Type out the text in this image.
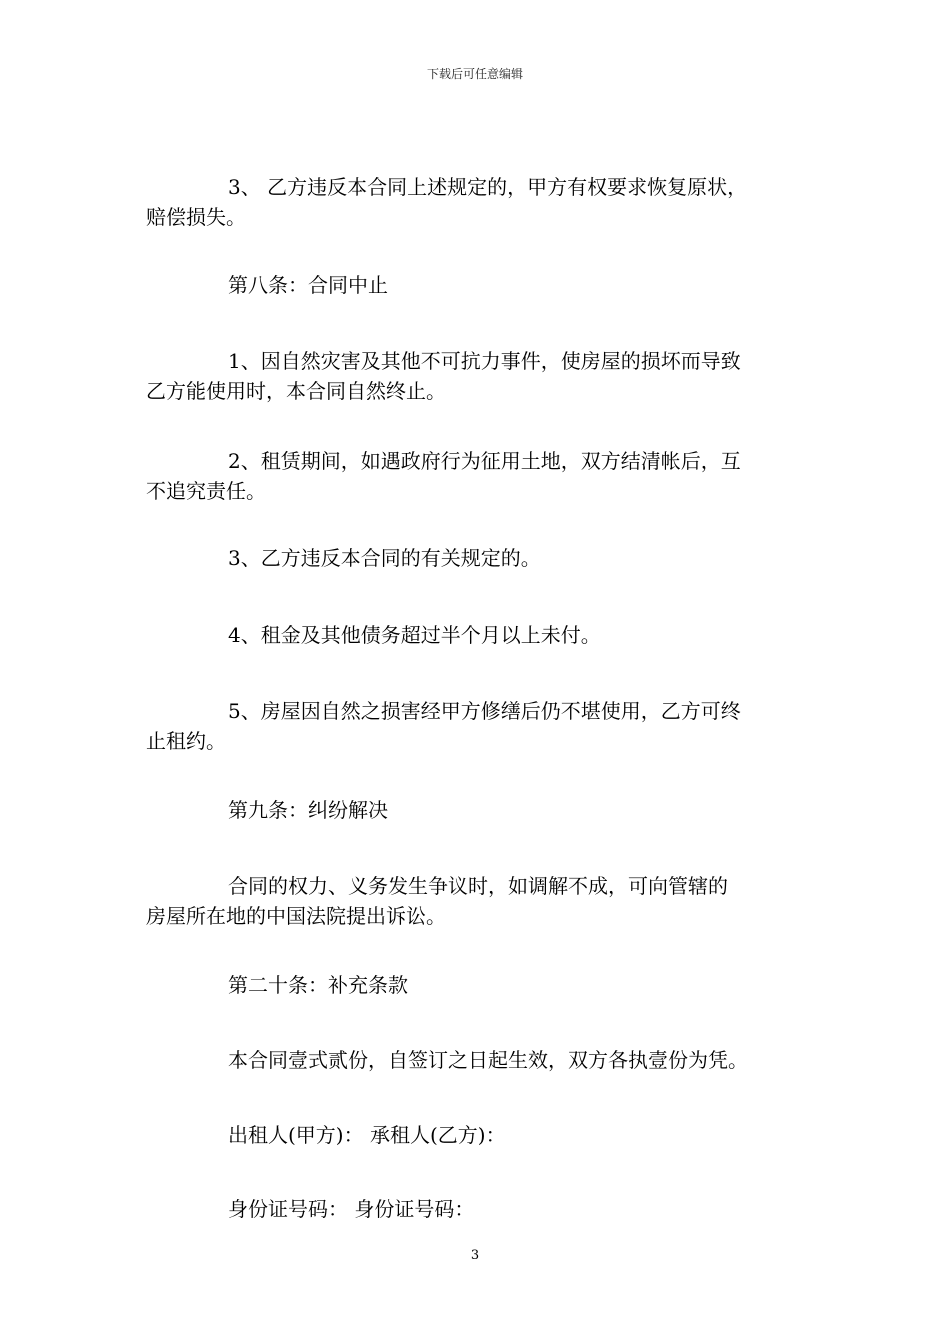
下载后可任意编辑
3、 乙方违反本合同上述规定的，甲方有权要求恢复原状，
赔偿损失。
第八条：合同中止
1、因自然灾害及其他不可抗力事件，使房屋的损坏而导致
乙方能使用时，本合同自然终止。
2、租赁期间，如遇政府行为征用土地，双方结清帐后，互
不追究责任。
3、乙方违反本合同的有关规定的。
4、租金及其他债务超过半个月以上未付。
5、房屋因自然之损害经甲方修缮后仍不堪使用，乙方可终
止租约。
第九条：纠纷解决
合同的权力、义务发生争议时，如调解不成，可向管辖的
房屋所在地的中国法院提出诉讼。
第二十条：补充条款
本合同壹式贰份，自签订之日起生效，双方各执壹份为凭。
出租人(甲方)： 承租人(乙方)：
身份证号码： 身份证号码：
3
